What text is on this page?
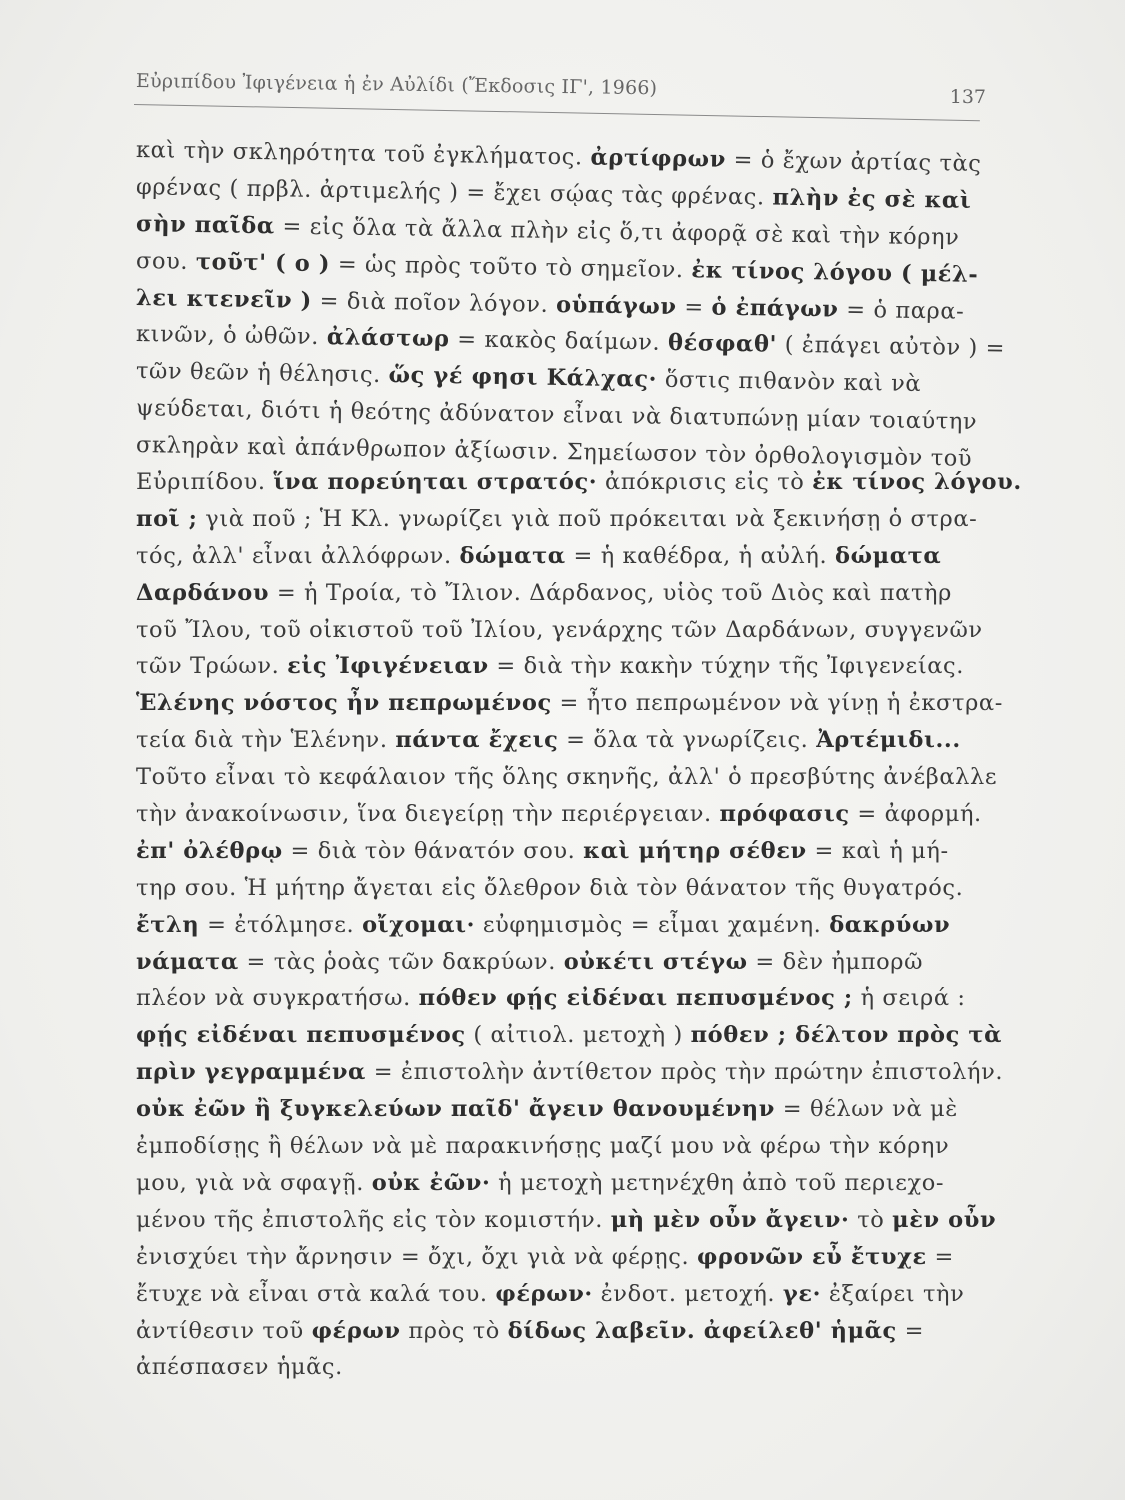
Εὐριπίδου Ἰφιγένεια ἡ ἐν Αὐλίδι (Ἔκδοσις ΙΓ', 1966)	137
καὶ τὴν σκληρότητα τοῦ ἐγκλήματος. ἀρτίφρων = ὁ ἔχων ἀρτίας τὰς
φρένας ( πρβλ. ἀρτιμελής ) = ἔχει σῴας τὰς φρένας. πλὴν ἐς σὲ καὶ
σὴν παῖδα = εἰς ὅλα τὰ ἄλλα πλὴν εἰς ὅ,τι ἀφορᾷ σὲ καὶ τὴν κόρην
σου. τοῦτ' ( ο ) = ὡς πρὸς τοῦτο τὸ σημεῖον. ἐκ τίνος λόγου ( μέλ-
λει κτενεῖν ) = διὰ ποῖον λόγον. οὑπάγων = ὁ ἐπάγων = ὁ παρα-
κινῶν, ὁ ὠθῶν. ἀλάστωρ = κακὸς δαίμων. θέσφαθ' ( ἐπάγει αὐτὸν ) =
τῶν θεῶν ἡ θέλησις. ὥς γέ φησι Κάλχας· ὅστις πιθανὸν καὶ νὰ
ψεύδεται, διότι ἡ θεότης ἀδύνατον εἶναι νὰ διατυπώνῃ μίαν τοιαύτην
σκληρὰν καὶ ἀπάνθρωπον ἀξίωσιν. Σημείωσον τὸν ὀρθολογισμὸν τοῦ
Εὐριπίδου. ἵνα πορεύηται στρατός· ἀπόκρισις εἰς τὸ ἐκ τίνος λόγου.
ποῖ ; γιὰ ποῦ ; Ἡ Κλ. γνωρίζει γιὰ ποῦ πρόκειται νὰ ξεκινήσῃ ὁ στρα-
τός, ἀλλ' εἶναι ἀλλόφρων. δώματα = ἡ καθέδρα, ἡ αὐλή. δώματα
Δαρδάνου = ἡ Τροία, τὸ Ἴλιον. Δάρδανος, υἱὸς τοῦ Διὸς καὶ πατὴρ
τοῦ Ἴλου, τοῦ οἰκιστοῦ τοῦ Ἰλίου, γενάρχης τῶν Δαρδάνων, συγγενῶν
τῶν Τρώων. εἰς Ἰφιγένειαν = διὰ τὴν κακὴν τύχην τῆς Ἰφιγενείας.
Ἑλένης νόστος ἦν πεπρωμένος = ἦτο πεπρωμένον νὰ γίνῃ ἡ ἐκστρα-
τεία διὰ τὴν Ἑλένην. πάντα ἔχεις = ὅλα τὰ γνωρίζεις. Ἀρτέμιδι...
Τοῦτο εἶναι τὸ κεφάλαιον τῆς ὅλης σκηνῆς, ἀλλ' ὁ πρεσβύτης ἀνέβαλλε
τὴν ἀνακοίνωσιν, ἵνα διεγείρῃ τὴν περιέργειαν. πρόφασις = ἀφορμή.
ἐπ' ὀλέθρῳ = διὰ τὸν θάνατόν σου. καὶ μήτηρ σέθεν = καὶ ἡ μή-
τηρ σου. Ἡ μήτηρ ἄγεται εἰς ὄλεθρον διὰ τὸν θάνατον τῆς θυγατρός.
ἔτλη = ἐτόλμησε. οἴχομαι· εὐφημισμὸς = εἶμαι χαμένη. δακρύων
νάματα = τὰς ῥοὰς τῶν δακρύων. οὐκέτι στέγω = δὲν ἠμπορῶ
πλέον νὰ συγκρατήσω. πόθεν φῄς εἰδέναι πεπυσμένος ; ἡ σειρά :
φῄς εἰδέναι πεπυσμένος ( αἰτιολ. μετοχὴ ) πόθεν ; δέλτον πρὸς τὰ
πρὶν γεγραμμένα = ἐπιστολὴν ἀντίθετον πρὸς τὴν πρώτην ἐπιστολήν.
οὐκ ἐῶν ἢ ξυγκελεύων παῖδ' ἄγειν θανουμένην = θέλων νὰ μὲ
ἐμποδίσῃς ἢ θέλων νὰ μὲ παρακινήσῃς μαζί μου νὰ φέρω τὴν κόρην
μου, γιὰ νὰ σφαγῇ. οὐκ ἐῶν· ἡ μετοχὴ μετηνέχθη ἀπὸ τοῦ περιεχο-
μένου τῆς ἐπιστολῆς εἰς τὸν κομιστήν. μὴ μὲν οὖν ἄγειν· τὸ μὲν οὖν
ἐνισχύει τὴν ἄρνησιν = ὄχι, ὄχι γιὰ νὰ φέρῃς. φρονῶν εὖ ἔτυχε =
ἔτυχε νὰ εἶναι στὰ καλά του. φέρων· ἐνδοτ. μετοχή. γε· ἐξαίρει τὴν
ἀντίθεσιν τοῦ φέρων πρὸς τὸ δίδως λαβεῖν. ἀφείλεθ' ἡμᾶς =
ἀπέσπασεν ἡμᾶς.
